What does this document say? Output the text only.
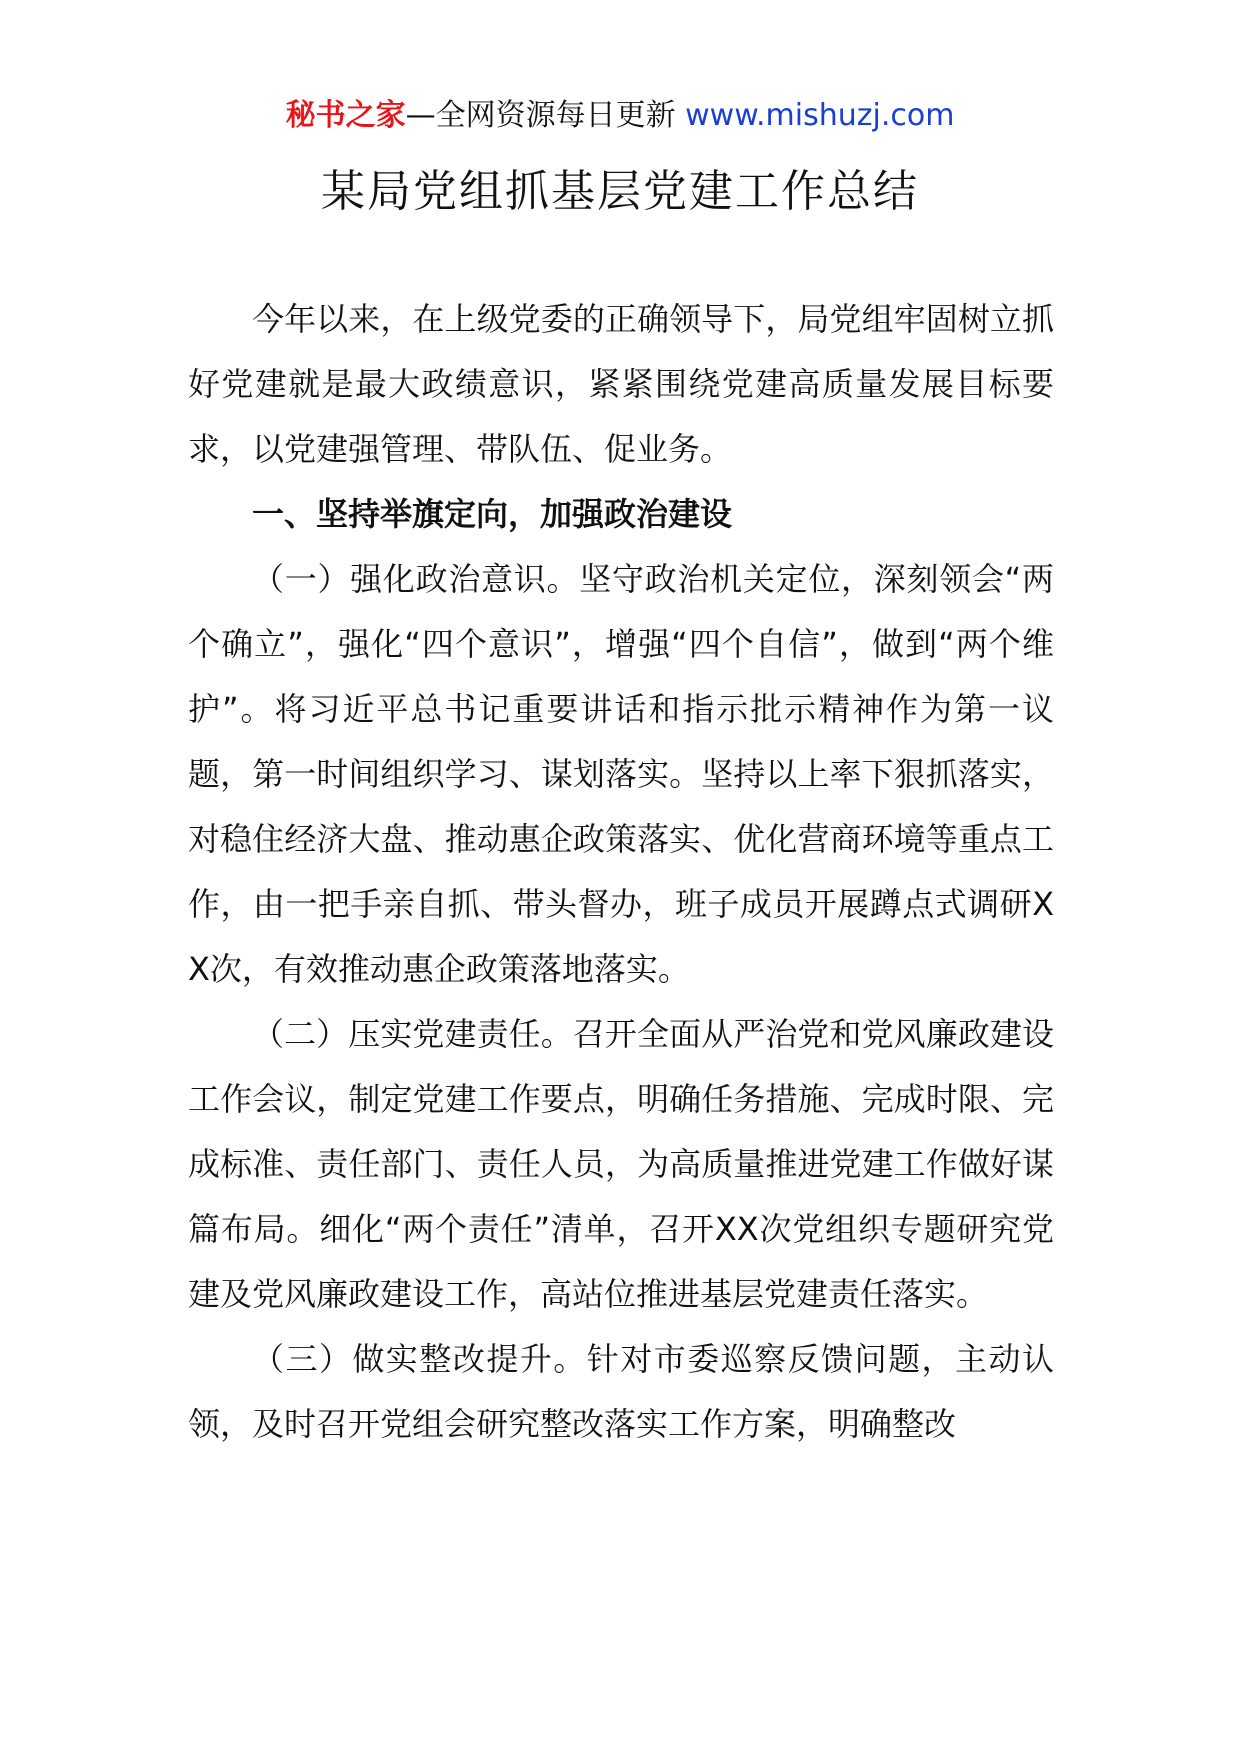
秘书之家—全网资源每日更新 www.mishuzj.com
某局党组抓基层党建工作总结

今年以来，在上级党委的正确领导下，局党组牢固树立抓好党建就是最大政绩意识，紧紧围绕党建高质量发展目标要求，以党建强管理、带队伍、促业务。

一、坚持举旗定向，加强政治建设

（一）强化政治意识。坚守政治机关定位，深刻领会“两个确立”，强化“四个意识”，增强“四个自信”，做到“两个维护”。将习近平总书记重要讲话和指示批示精神作为第一议题，第一时间组织学习、谋划落实。坚持以上率下狠抓落实，对稳住经济大盘、推动惠企政策落实、优化营商环境等重点工作，由一把手亲自抓、带头督办，班子成员开展蹲点式调研XX次，有效推动惠企政策落地落实。

（二）压实党建责任。召开全面从严治党和党风廉政建设工作会议，制定党建工作要点，明确任务措施、完成时限、完成标准、责任部门、责任人员，为高质量推进党建工作做好谋篇布局。细化“两个责任”清单，召开XX次党组织专题研究党建及党风廉政建设工作，高站位推进基层党建责任落实。

（三）做实整改提升。针对市委巡察反馈问题，主动认领，及时召开党组会研究整改落实工作方案，明确整改
